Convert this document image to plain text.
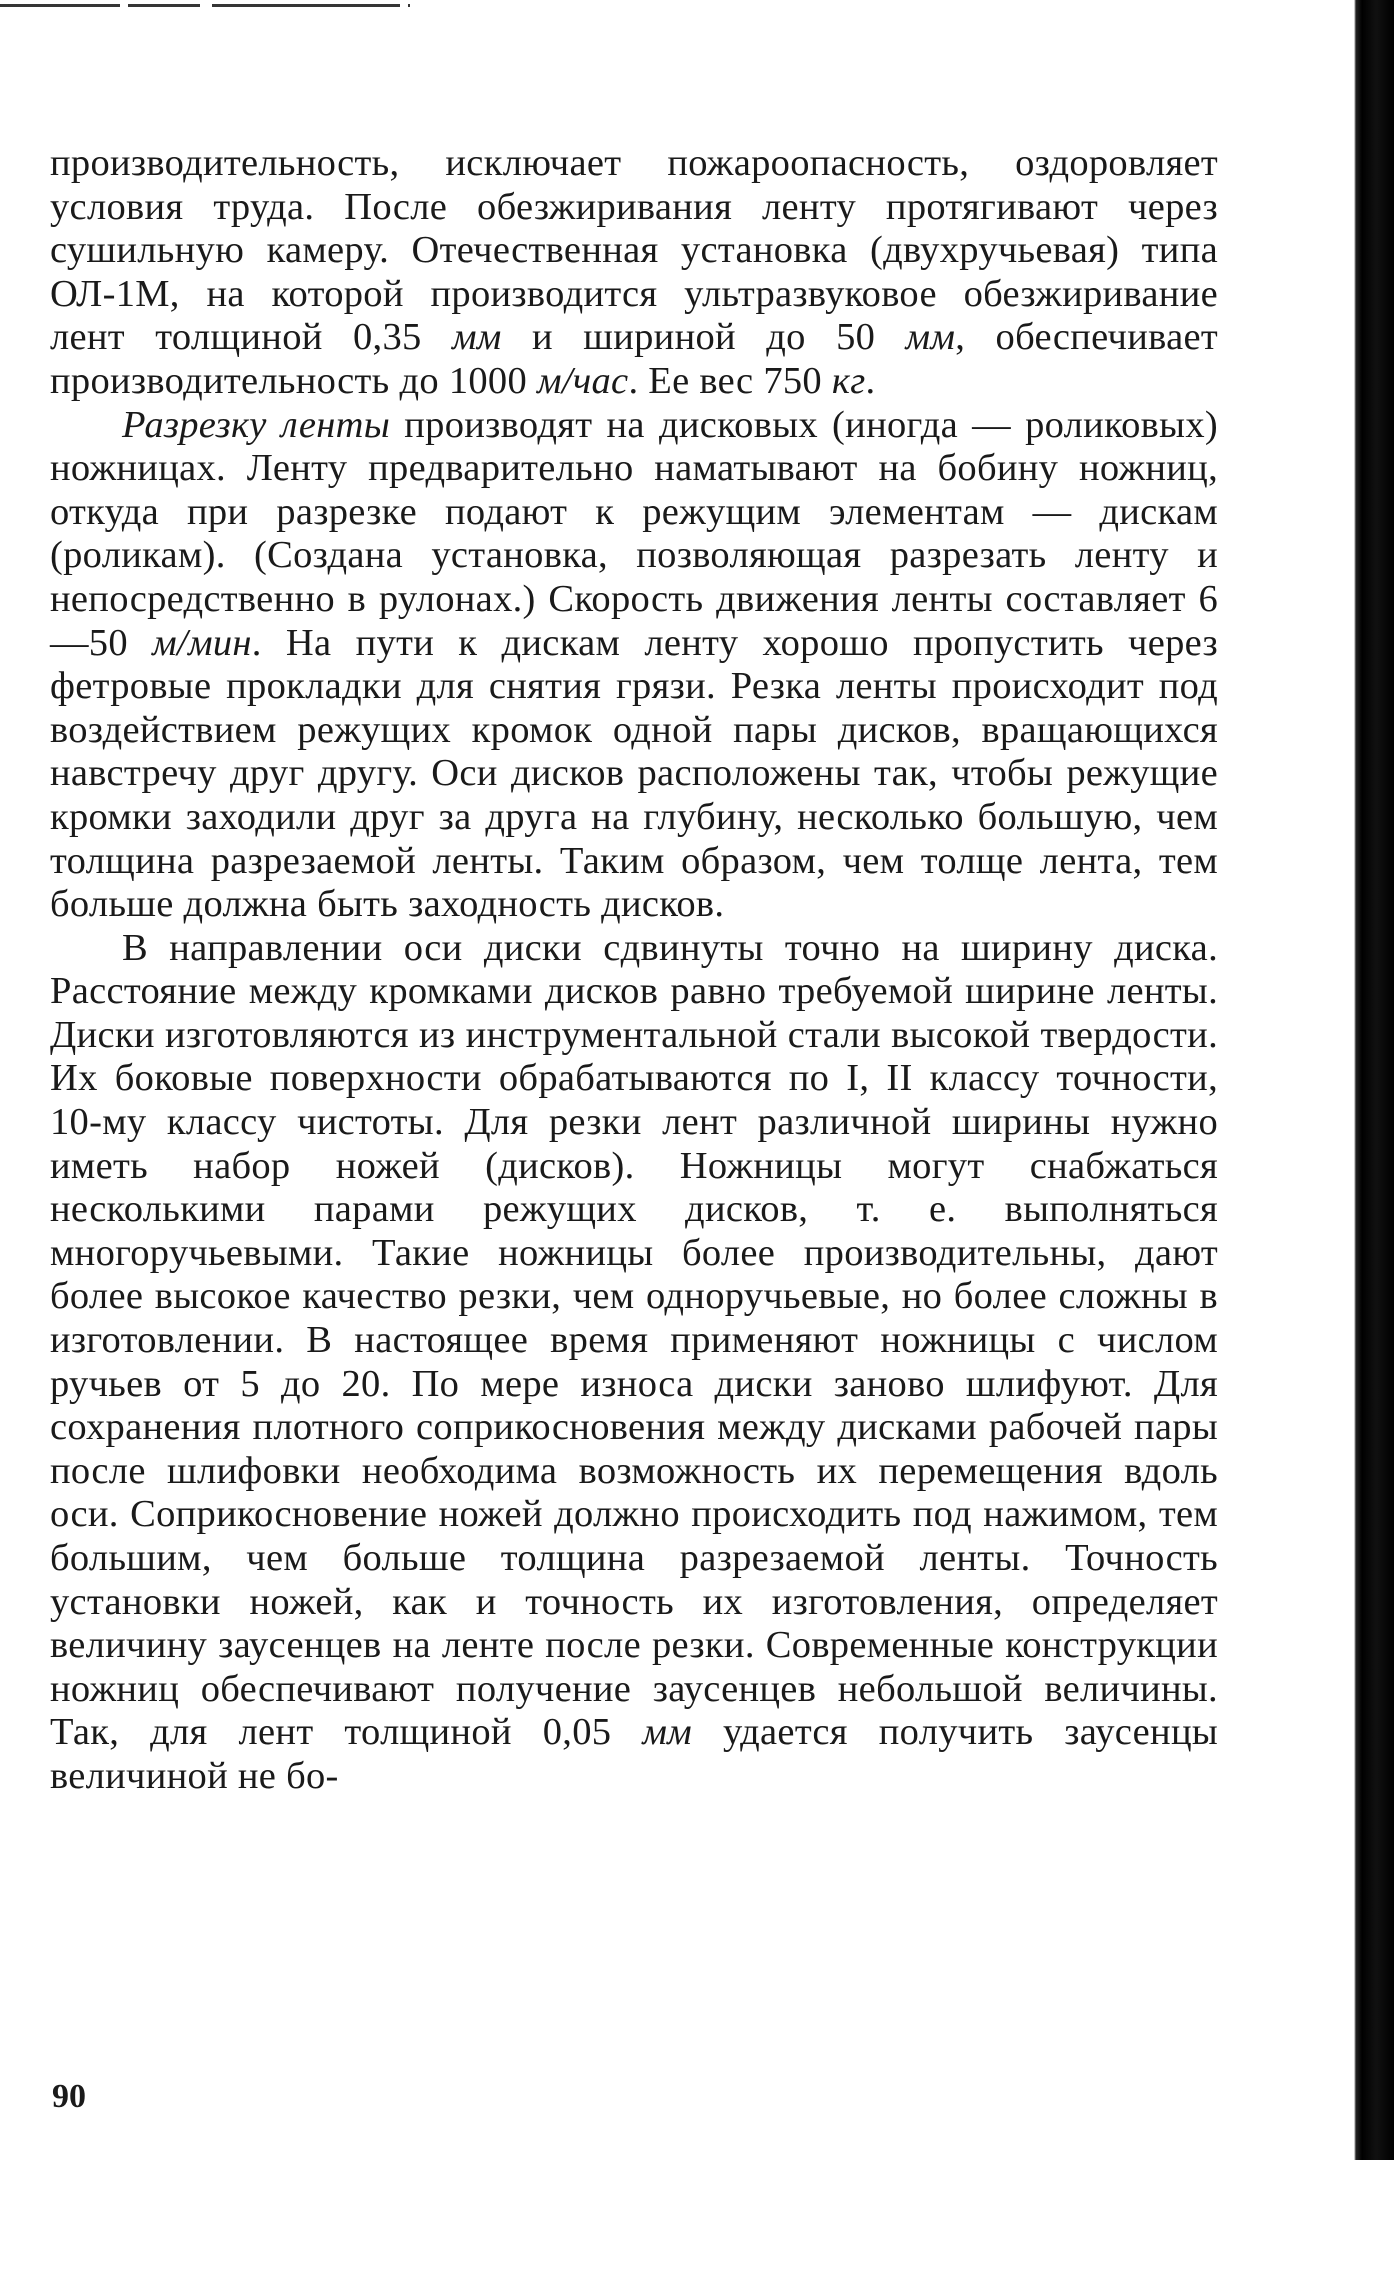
производительность, исключает пожароопасность, оздоровляет условия труда. После обезжиривания ленту протягивают через сушильную камеру. Отечественная установка (двухручьевая) типа ОЛ-1М, на которой производится ультразвуковое обезжиривание лент толщиной 0,35 мм и шириной до 50 мм, обеспечивает производительность до 1000 м/час. Ее вес 750 кг.

Разрезку ленты производят на дисковых (иногда — роликовых) ножницах. Ленту предварительно наматывают на бобину ножниц, откуда при разрезке подают к режущим элементам — дискам (роликам). (Создана установка, позволяющая разрезать ленту и непосредственно в рулонах.) Скорость движения ленты составляет 6—50 м/мин. На пути к дискам ленту хорошо пропустить через фетровые прокладки для снятия грязи. Резка ленты происходит под воздействием режущих кромок одной пары дисков, вращающихся навстречу друг другу. Оси дисков расположены так, чтобы режущие кромки заходили друг за друга на глубину, несколько большую, чем толщина разрезаемой ленты. Таким образом, чем толще лента, тем больше должна быть заходность дисков.

В направлении оси диски сдвинуты точно на ширину диска. Расстояние между кромками дисков равно требуемой ширине ленты. Диски изготовляются из инструментальной стали высокой твердости. Их боковые поверхности обрабатываются по I, II классу точности, 10-му классу чистоты. Для резки лент различной ширины нужно иметь набор ножей (дисков). Ножницы могут снабжаться несколькими парами режущих дисков, т. е. выполняться многоручьевыми. Такие ножницы более производительны, дают более высокое качество резки, чем одноручьевые, но более сложны в изготовлении. В настоящее время применяют ножницы с числом ручьев от 5 до 20. По мере износа диски заново шлифуют. Для сохранения плотного соприкосновения между дисками рабочей пары после шлифовки необходима возможность их перемещения вдоль оси. Соприкосновение ножей должно происходить под нажимом, тем большим, чем больше толщина разрезаемой ленты. Точность установки ножей, как и точность их изготовления, определяет величину заусенцев на ленте после резки. Современные конструкции ножниц обеспечивают получение заусенцев небольшой величины. Так, для лент толщиной 0,05 мм удается получить заусенцы величиной не бо-

90
